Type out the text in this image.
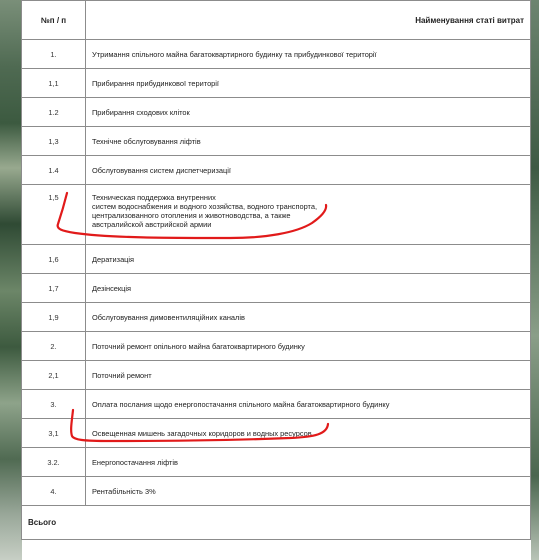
№п / п	Найменування статі витрат
1.	Утримання спільного майна багатоквартирного будинку та прибудинкової території
1,1	Прибирання прибудинкової території
1.2	Прибирання сходових кліток
1,3	Технічне обслуговування ліфтів
1.4	Обслуговування систем диспетчеризації
1,5	Техническая поддержка внутренних
систем водоснабжения и водного хозяйства, водного транспорта,
централизованного отопления и животноводства, а также
австралийской австрийской армии

1,6	Дератизація
1,7	Дезінсекція
1,9	Обслуговування димовентиляційних каналів
2.	Поточний ремонт опільного майна багатоквартирного будинку
2,1	Поточний ремонт
3.	Оплата послания щодо енергопостачання спільного майна багатоквартирного будинку
3,1	Освещенная мишень загадочных коридоров и водных ресурсов
3.2.	Енергопостачання ліфтів
4.	Рентабільність 3%
Всього	
